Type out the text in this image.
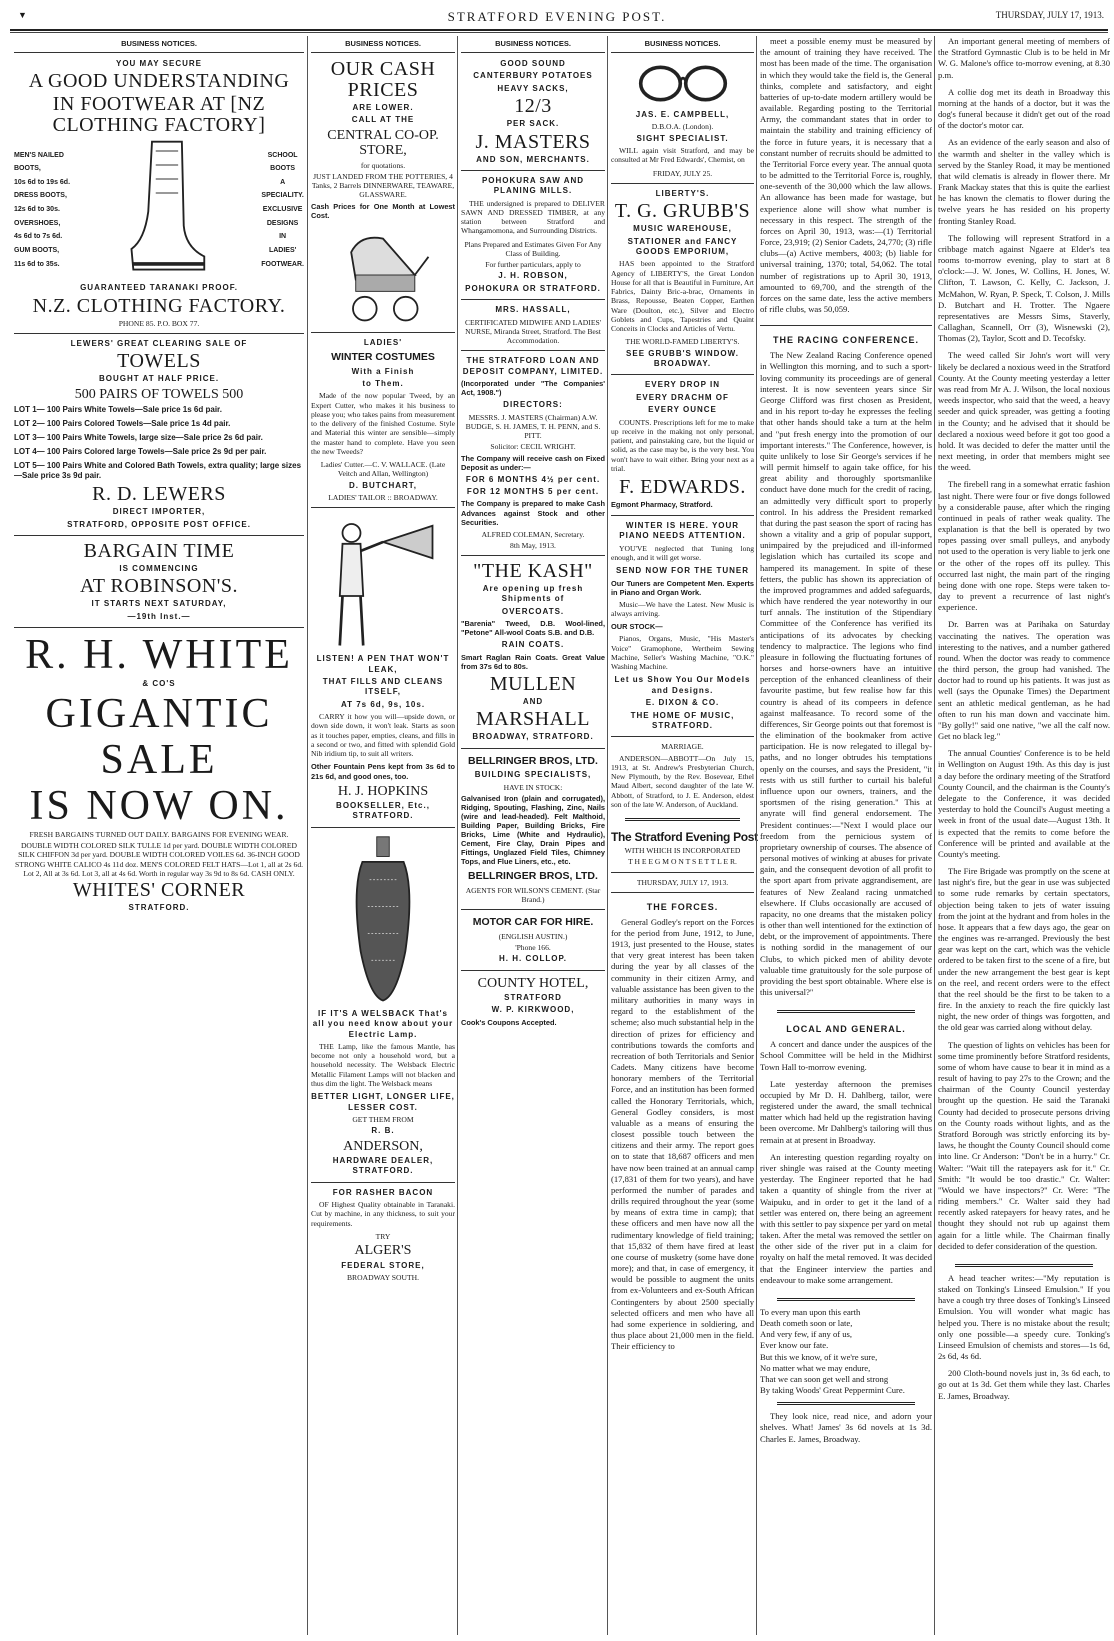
▼	STRATFORD EVENING POST.	THURSDAY, JULY 17, 1913.
BUSINESS NOTICES.
YOU MAY SECURE
A GOOD UNDERSTANDING
IN FOOTWEAR AT [NZ CLOTHING FACTORY]
MEN'S NAILED
BOOTS,
10s 6d to 19s 6d.
DRESS BOOTS,
12s 6d to 30s.
OVERSHOES,
4s 6d to 7s 6d.
GUM BOOTS,
11s 6d to 35s.
SCHOOL
BOOTS
A
SPECIALITY.
EXCLUSIVE
DESIGNS
IN
LADIES'
FOOTWEAR.
GUARANTEED TARANAKI PROOF.
N.Z. CLOTHING FACTORY.
PHONE 85. P.O. BOX 77.
LEWERS' GREAT CLEARING SALE OF
TOWELS
BOUGHT AT HALF PRICE.
500 PAIRS OF TOWELS 500
LOT 1— 100 Pairs White Towels—Sale price 1s 6d pair.
LOT 2— 100 Pairs Colored Towels—Sale price 1s 4d pair.
LOT 3— 100 Pairs White Towels, large size—Sale price 2s 6d pair.
LOT 4— 100 Pairs Colored large Towels—Sale price 2s 9d per pair.
LOT 5— 100 Pairs White and Colored Bath Towels, extra quality; large sizes—Sale price 3s 9d pair.
R. D. LEWERS
DIRECT IMPORTER,
STRATFORD, OPPOSITE POST OFFICE.
BARGAIN TIME
IS COMMENCING
AT ROBINSON'S.
IT STARTS NEXT SATURDAY,
—19th Inst.—
R. H. WHITE
& CO'S
GIGANTIC
SALE
IS NOW ON.
FRESH BARGAINS TURNED OUT DAILY. BARGAINS FOR EVENING WEAR.
DOUBLE WIDTH COLORED SILK TULLE 1d per yard. DOUBLE WIDTH COLORED SILK CHIFFON 3d per yard. DOUBLE WIDTH COLORED VOILES 6d. 36-INCH GOOD STRONG WHITE CALICO 4s 11d doz. MEN'S COLORED FELT HATS—Lot 1, all at 2s 6d. Lot 2, All at 3s 6d. Lot 3, all at 4s 6d. Worth in regular way 3s 9d to 8s 6d. CASH ONLY.
WHITES' CORNER
STRATFORD.
BUSINESS NOTICES.
OUR CASH PRICES
ARE LOWER.
CALL AT THE
CENTRAL CO-OP. STORE,
for quotations.
JUST LANDED FROM THE POTTERIES, 4 Tanks, 2 Barrels DINNERWARE, TEAWARE, GLASSWARE.
Cash Prices for One Month at Lowest Cost.
LADIES'
WINTER COSTUMES
With a Finish
to Them.
Made of the now popular Tweed, by an Expert Cutter, who makes it his business to please you; who takes pains from measurement to the delivery of the finished Costume. Style and Material this winter are sensible—simply the master hand to complete. Have you seen the new Tweeds?
Ladies' Cutter.—C. V. WALLACE. (Late Veitch and Allan, Wellington)
D. BUTCHART,
LADIES' TAILOR :: BROADWAY.
LISTEN! A PEN THAT WON'T LEAK,
THAT FILLS AND CLEANS ITSELF,
AT 7s 6d, 9s, 10s.
CARRY it how you will—upside down, or down side down, it won't leak. Starts as soon as it touches paper, empties, cleans, and fills in a second or two, and fitted with splendid Gold Nib iridium tip, to suit all writers.
Other Fountain Pens kept from 3s 6d to 21s 6d, and good ones, too.
H. J. HOPKINS
BOOKSELLER, Etc., STRATFORD.
IF IT'S A WELSBACK That's all you need know about your Electric Lamp.
THE Lamp, like the famous Mantle, has become not only a household word, but a household necessity. The Welsback Electric Metallic Filament Lamps will not blacken and thus dim the light. The Welsback means
BETTER LIGHT, LONGER LIFE, LESSER COST.
GET THEM FROM
R. B.
ANDERSON,
HARDWARE DEALER, STRATFORD.
FOR RASHER BACON
OF Highest Quality obtainable in Taranaki. Cut by machine, in any thickness, to suit your requirements.
TRY
ALGER'S
FEDERAL STORE,
BROADWAY SOUTH.
BUSINESS NOTICES.
GOOD SOUND
CANTERBURY POTATOES
HEAVY SACKS,
12/3
PER SACK.
J. MASTERS
AND SON, MERCHANTS.
POHOKURA SAW AND PLANING MILLS.
THE undersigned is prepared to DELIVER SAWN AND DRESSED TIMBER, at any station between Stratford and Whangamomona, and Surrounding Districts.
Plans Prepared and Estimates Given For Any Class of Building.
For further particulars, apply to
J. H. ROBSON,
POHOKURA OR STRATFORD.
MRS. HASSALL,
CERTIFICATED MIDWIFE AND LADIES' NURSE, Miranda Street, Stratford. The Best Accommodation.
THE STRATFORD LOAN AND DEPOSIT COMPANY, LIMITED.
(Incorporated under "The Companies' Act, 1908.")
DIRECTORS:
MESSRS. J. MASTERS (Chairman) A.W. BUDGE, S. H. JAMES, T. H. PENN, and S. PITT.
Solicitor: CECIL WRIGHT.
The Company will receive cash on Fixed Deposit as under:—
FOR 6 MONTHS 4½ per cent.
FOR 12 MONTHS 5 per cent.
The Company is prepared to make Cash Advances against Stock and other Securities.
ALFRED COLEMAN, Secretary.
8th May, 1913.
"THE KASH"
Are opening up fresh Shipments of
OVERCOATS.
"Barenia" Tweed, D.B. Wool-lined, "Petone" All-wool Coats S.B. and D.B.
RAIN COATS.
Smart Raglan Rain Coats. Great Value from 37s 6d to 80s.
MULLEN
AND
MARSHALL
BROADWAY, STRATFORD.
BELLRINGER BROS, LTD.
BUILDING SPECIALISTS,
HAVE IN STOCK:
Galvanised Iron (plain and corrugated), Ridging, Spouting, Flashing, Zinc, Nails (wire and lead-headed). Felt Malthoid, Building Paper, Building Bricks, Fire Bricks, Lime (White and Hydraulic), Cement, Fire Clay, Drain Pipes and Fittings, Unglazed Field Tiles, Chimney Tops, and Flue Liners, etc., etc.
BELLRINGER BROS, LTD.
AGENTS FOR WILSON'S CEMENT. (Star Brand.)
MOTOR CAR FOR HIRE.
(ENGLISH AUSTIN.)
'Phone 166.
H. H. COLLOP.
COUNTY HOTEL,
STRATFORD
W. P. KIRKWOOD,
Cook's Coupons Accepted.
BUSINESS NOTICES.
JAS. E. CAMPBELL,
D.B.O.A. (London).
SIGHT SPECIALIST.
WILL again visit Stratford, and may be consulted at Mr Fred Edwards', Chemist, on
FRIDAY, JULY 25.
LIBERTY'S.
T. G. GRUBB'S
MUSIC WAREHOUSE,
STATIONER and FANCY GOODS EMPORIUM,
HAS been appointed to the Stratford Agency of LIBERTY'S, the Great London House for all that is Beautiful in Furniture, Art Fabrics, Dainty Bric-a-brac, Ornaments in Brass, Repousse, Beaten Copper, Earthen Ware (Doulton, etc.), Silver and Electro Goblets and Cups, Tapestries and Quaint Conceits in Clocks and Articles of Vertu.
THE WORLD-FAMED LIBERTY'S.
SEE GRUBB'S WINDOW. BROADWAY.
EVERY DROP IN
EVERY DRACHM OF
EVERY OUNCE
COUNTS. Prescriptions left for me to make up receive in the making not only personal, patient, and painstaking care, but the liquid or solid, as the case may be, is the very best. You won't have to wait either. Bring your next as a trial.
F. EDWARDS.
Egmont Pharmacy, Stratford.
WINTER IS HERE. YOUR PIANO NEEDS ATTENTION.
YOU'VE neglected that Tuning long enough, and it will get worse.
SEND NOW FOR THE TUNER
Our Tuners are Competent Men. Experts in Piano and Organ Work.
Music—We have the Latest. New Music is always arriving.
OUR STOCK—
Pianos, Organs, Music, "His Master's Voice" Gramophone, Wertheim Sewing Machine, Seller's Washing Machine, "O.K." Washing Machine.
Let us Show You Our Models and Designs.
E. DIXON & CO.
THE HOME OF MUSIC, STRATFORD.
MARRIAGE.
ANDERSON—ABBOTT—On July 15, 1913, at St. Andrew's Presbyterian Church, New Plymouth, by the Rev. Bosevear, Ethel Maud Albert, second daughter of the late W. Abbott, of Stratford, to J. E. Anderson, eldest son of the late W. Anderson, of Auckland.
The Stratford Evening Post
WITH WHICH IS INCORPORATED
T H E E G M O N T S E T T L E R.
THURSDAY, JULY 17, 1913.
THE FORCES.
General Godley's report on the Forces for the period from June, 1912, to June, 1913, just presented to the House, states that very great interest has been taken during the year by all classes of the community in their citizen Army, and valuable assistance has been given to the military authorities in many ways in regard to the establishment of the scheme; also much substantial help in the direction of prizes for efficiency and contributions towards the comforts and recreation of both Territorials and Senior Cadets. Many citizens have become honorary members of the Territorial Force, and an institution has been formed called the Honorary Territorials, which, General Godley considers, is most valuable as a means of ensuring the closest possible touch between the citizens and their army. The report goes on to state that 18,687 officers and men have now been trained at an annual camp (17,831 of them for two years), and have performed the number of parades and drills required throughout the year (some by means of extra time in camp); that these officers and men have now all the rudimentary knowledge of field training; that 15,832 of them have fired at least one course of musketry (some have done more); and that, in case of emergency, it would be possible to augment the units from ex-Volunteers and ex-South African Contingenters by about 2500 specially selected officers and men who have all had some experience in soldiering, and thus place about 21,000 men in the field. Their efficiency to
meet a possible enemy must be measured by the amount of training they have received. The most has been made of the time. The organisation in which they would take the field is, the General thinks, complete and satisfactory, and eight batteries of up-to-date modern artillery would be available. Regarding posting to the Territorial Army, the commandant states that in order to maintain the stability and training efficiency of the force in future years, it is necessary that a constant number of recruits should be admitted to the Territorial Force every year. The annual quota to be admitted to the Territorial Force is, roughly, one-seventh of the 30,000 which the law allows. An allowance has been made for wastage, but experience alone will show what number is necessary in this respect. The strength of the forces on April 30, 1913, was:—(1) Territorial Force, 23,919; (2) Senior Cadets, 24,770; (3) rifle clubs—(a) Active members, 4003; (b) liable for universal training, 1370; total, 54,062. The total number of registrations up to April 30, 1913, amounted to 69,700, and the strength of the forces on the same date, less the active members of rifle clubs, was 50,059.
THE RACING CONFERENCE.
The New Zealand Racing Conference opened in Wellington this morning, and to such a sport-loving community its proceedings are of general interest. It is now seventeen years since Sir George Clifford was first chosen as President, and in his report to-day he expresses the feeling that other hands should take a turn at the helm and "put fresh energy into the promotion of our important interests." The Conference, however, is quite unlikely to lose Sir George's services if he will permit himself to again take office, for his great ability and thoroughly sportsmanlike conduct have done much for the credit of racing, an admittedly very difficult sport to properly control. In his address the President remarked that during the past season the sport of racing has shown a vitality and a grip of popular support, unimpaired by the prejudiced and ill-informed legislation which has curtailed its scope and hampered its management. In spite of these fetters, the public has shown its appreciation of the improved programmes and added safeguards, which have rendered the year noteworthy in our turf annals. The institution of the Stipendiary Committee of the Conference has verified its anticipations of its advocates by checking tendency to malpractice. The legions who find pleasure in following the fluctuating fortunes of horses and horse-owners have an intuitive perception of the enhanced cleanliness of their favourite pastime, but few realise how far this country is ahead of its compeers in defence against malfeasance. To record some of the differences, Sir George points out that foremost is the elimination of the bookmaker from active participation. He is now relegated to illegal by-paths, and no longer obtrudes his temptations openly on the courses, and says the President, "it rests with us still further to curtail his baleful influence upon our owners, trainers, and the sportsmen of the rising generation." This at anyrate will find general endorsement. The President continues:—"Next I would place our freedom from the pernicious system of proprietary ownership of courses. The absence of personal motives of winking at abuses for private gain, and the consequent devotion of all profit to the sport apart from private aggrandisement, are features of New Zealand racing unmatched elsewhere. If Clubs occasionally are accused of rapacity, no one dreams that the mistaken policy is other than well intentioned for the extinction of debt, or the improvement of appointments. There is nothing sordid in the management of our Clubs, to which picked men of ability devote valuable time gratuitously for the sole purpose of providing the best sport obtainable. Where else is this universal?"
LOCAL AND GENERAL.
A concert and dance under the auspices of the School Committee will be held in the Midhirst Town Hall to-morrow evening.
Late yesterday afternoon the premises occupied by Mr D. H. Dahlberg, tailor, were registered under the award, the small technical matter which had held up the registration having been overcome. Mr Dahlberg's tailoring will thus remain at at present in Broadway.
An interesting question regarding royalty on river shingle was raised at the County meeting yesterday. The Engineer reported that he had taken a quantity of shingle from the river at Waipuku, and in order to get it the land of a settler was entered on, there being an agreement with this settler to pay sixpence per yard on metal taken. After the metal was removed the settler on the other side of the river put in a claim for royalty on half the metal removed. It was decided that the Engineer interview the parties and endeavour to make some arrangement.
To every man upon this earth
Death cometh soon or late,
And very few, if any of us,
Ever know our fate.
But this we know, of it we're sure,
No matter what we may endure,
That we can soon get well and strong
By taking Woods' Great Peppermint Cure.
They look nice, read nice, and adorn your shelves. What! James' 3s 6d novels at 1s 3d. Charles E. James, Broadway.
An important general meeting of members of the Stratford Gymnastic Club is to be held in Mr W. G. Malone's office to-morrow evening, at 8.30 p.m.
A collie dog met its death in Broadway this morning at the hands of a doctor, but it was the dog's funeral because it didn't get out of the road of the doctor's motor car.
As an evidence of the early season and also of the warmth and shelter in the valley which is served by the Stanley Road, it may be mentioned that wild clematis is already in flower there. Mr Frank Mackay states that this is quite the earliest he has known the clematis to flower during the twelve years he has resided on his property fronting Stanley Road.
The following will represent Stratford in a cribbage match against Ngaere at Elder's tea rooms to-morrow evening, play to start at 8 o'clock:—J. W. Jones, W. Collins, H. Jones, W. Clifton, T. Lawson, C. Kelly, C. Jackson, J. McMahon, W. Ryan, P. Speck, T. Colson, J. Mills D. Butchart and H. Trotter. The Ngaere representatives are Messrs Sims, Staverly, Callaghan, Scannell, Orr (3), Wisnewski (2), Thomas (2), Taylor, Scott and D. Tecofsky.
The weed called Sir John's wort will very likely be declared a noxious weed in the Stratford County. At the County meeting yesterday a letter was read from Mr A. J. Wilson, the local noxious weeds inspector, who said that the weed, a heavy seeder and quick spreader, was getting a footing in the County; and he advised that it should be declared a noxious weed before it got too good a hold. It was decided to defer the matter until the next meeting, in order that members might see the weed.
The firebell rang in a somewhat erratic fashion last night. There were four or five dongs followed by a considerable pause, after which the ringing continued in peals of rather weak quality. The explanation is that the bell is operated by two ropes passing over small pulleys, and anybody not used to the operation is very liable to jerk one or the other of the ropes off its pulley. This occurred last night, the main part of the ringing being done with one rope. Steps were taken to-day to prevent a recurrence of last night's experience.
Dr. Barren was at Parihaka on Saturday vaccinating the natives. The operation was interesting to the natives, and a number gathered round. When the doctor was ready to commence the third person, the group had vanished. The doctor had to round up his patients. It was just as well (says the Opunake Times) the Department sent an athletic medical gentleman, as he had often to run his man down and vaccinate him. "By golly!" said one native, "we all the calf now. Get no black leg."
The annual Counties' Conference is to be held in Wellington on August 19th. As this day is just a day before the ordinary meeting of the Stratford County Council, and the chairman is the County's delegate to the Conference, it was decided yesterday to hold the Council's August meeting a week in front of the usual date—August 13th. It is expected that the remits to come before the Conference will be printed and available at the County's meeting.
The Fire Brigade was promptly on the scene at last night's fire, but the gear in use was subjected to some rude remarks by certain spectators, objection being taken to jets of water issuing from the joint at the hydrant and from holes in the hose. It appears that a few days ago, the gear on the engines was re-arranged. Previously the best gear was kept on the cart, which was the vehicle ordered to be taken first to the scene of a fire, but under the new arrangement the best gear is kept on the reel, and recent orders were to the effect that the reel should be the first to be taken to a fire. In the anxiety to reach the fire quickly last night, the new order of things was forgotten, and the old gear was carried along without delay.
The question of lights on vehicles has been for some time prominently before Stratford residents, some of whom have cause to bear it in mind as a result of having to pay 27s to the Crown; and the chairman of the County Council yesterday brought up the question. He said the Taranaki County had decided to prosecute persons driving on the County roads without lights, and as the Stratford Borough was strictly enforcing its by-laws, he thought the County Council should come into line. Cr Anderson: "Don't be in a hurry." Cr. Walter: "Wait till the ratepayers ask for it." Cr. Smith: "It would be too drastic." Cr. Walter: "Would we have inspectors?" Cr. Were: "The riding members." Cr. Walter said they had recently asked ratepayers for heavy rates, and he thought they should not rub up against them again for a little while. The Chairman finally decided to defer consideration of the question.
A head teacher writes:—"My reputation is staked on Tonking's Linseed Emulsion." If you have a cough try three doses of Tonking's Linseed Emulsion. You will wonder what magic has helped you. There is no mistake about the result; only one possible—a speedy cure. Tonking's Linseed Emulsion of chemists and stores—1s 6d, 2s 6d, 4s 6d.
200 Cloth-bound novels just in, 3s 6d each, to go out at 1s 3d. Get them while they last. Charles E. James, Broadway.
